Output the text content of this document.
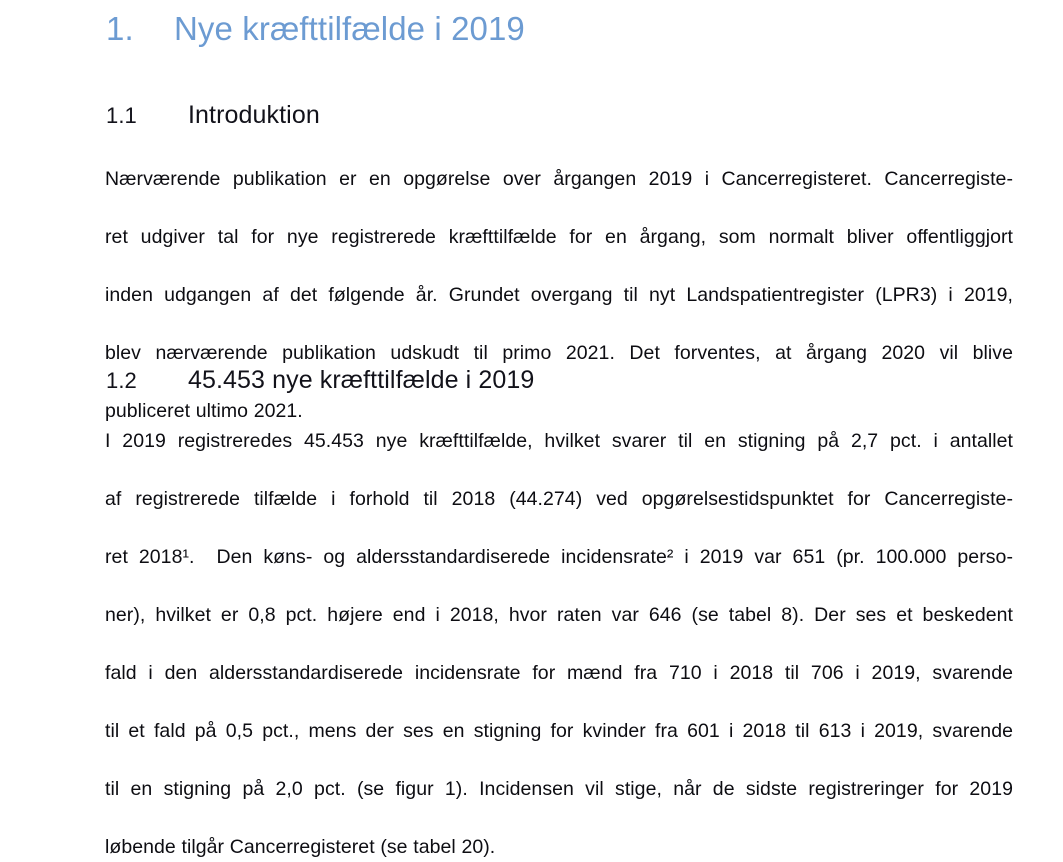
1. Nye kræfttilfælde i 2019
1.1 Introduktion
Nærværende publikation er en opgørelse over årgangen 2019 i Cancerregisteret. Cancerregiste-
ret udgiver tal for nye registrerede kræfttilfælde for en årgang, som normalt bliver offentliggjort
inden udgangen af det følgende år. Grundet overgang til nyt Landspatientregister (LPR3) i 2019,
blev nærværende publikation udskudt til primo 2021. Det forventes, at årgang 2020 vil blive
publiceret ultimo 2021.
1.2 45.453 nye kræfttilfælde i 2019
I 2019 registreredes 45.453 nye kræfttilfælde, hvilket svarer til en stigning på 2,7 pct. i antallet
af registrerede tilfælde i forhold til 2018 (44.274) ved opgørelsestidspunktet for Cancerregiste-
ret 2018¹.  Den køns- og aldersstandardiserede incidensrate² i 2019 var 651 (pr. 100.000 perso-
ner), hvilket er 0,8 pct. højere end i 2018, hvor raten var 646 (se tabel 8). Der ses et beskedent
fald i den aldersstandardiserede incidensrate for mænd fra 710 i 2018 til 706 i 2019, svarende
til et fald på 0,5 pct., mens der ses en stigning for kvinder fra 601 i 2018 til 613 i 2019, svarende
til en stigning på 2,0 pct. (se figur 1). Incidensen vil stige, når de sidste registreringer for 2019
løbende tilgår Cancerregisteret (se tabel 20).
